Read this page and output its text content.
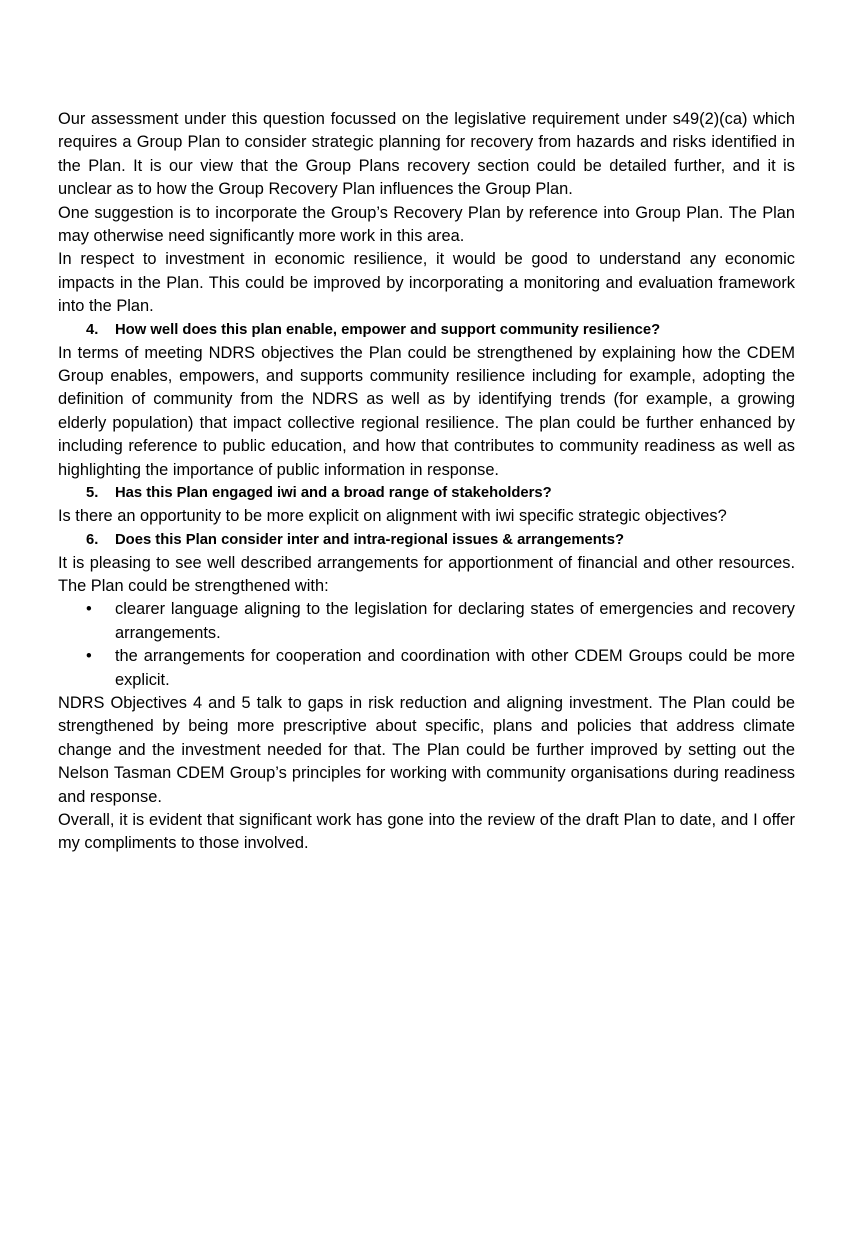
Our assessment under this question focussed on the legislative requirement under s49(2)(ca) which requires a Group Plan to consider strategic planning for recovery from hazards and risks identified in the Plan. It is our view that the Group Plans recovery section could be detailed further, and it is unclear as to how the Group Recovery Plan influences the Group Plan.

One suggestion is to incorporate the Group’s Recovery Plan by reference into Group Plan. The Plan may otherwise need significantly more work in this area.

In respect to investment in economic resilience, it would be good to understand any economic impacts in the Plan. This could be improved by incorporating a monitoring and evaluation framework into the Plan.

4.	How well does this plan enable, empower and support community resilience?

In terms of meeting NDRS objectives the Plan could be strengthened by explaining how the CDEM Group enables, empowers, and supports community resilience including for example, adopting the definition of community from the NDRS as well as by identifying trends (for example, a growing elderly population) that impact collective regional resilience. The plan could be further enhanced by including reference to public education, and how that contributes to community readiness as well as highlighting the importance of public information in response.

5.	Has this Plan engaged iwi and a broad range of stakeholders?

Is there an opportunity to be more explicit on alignment with iwi specific strategic objectives?

6.	Does this Plan consider inter and intra-regional issues & arrangements?

It is pleasing to see well described arrangements for apportionment of financial and other resources. The Plan could be strengthened with:

•	clearer language aligning to the legislation for declaring states of emergencies and recovery arrangements.
•	the arrangements for cooperation and coordination with other CDEM Groups could be more explicit.

NDRS Objectives 4 and 5 talk to gaps in risk reduction and aligning investment. The Plan could be strengthened by being more prescriptive about specific, plans and policies that address climate change and the investment needed for that. The Plan could be further improved by setting out the Nelson Tasman CDEM Group’s principles for working with community organisations during readiness and response.

Overall, it is evident that significant work has gone into the review of the draft Plan to date, and I offer my compliments to those involved.
